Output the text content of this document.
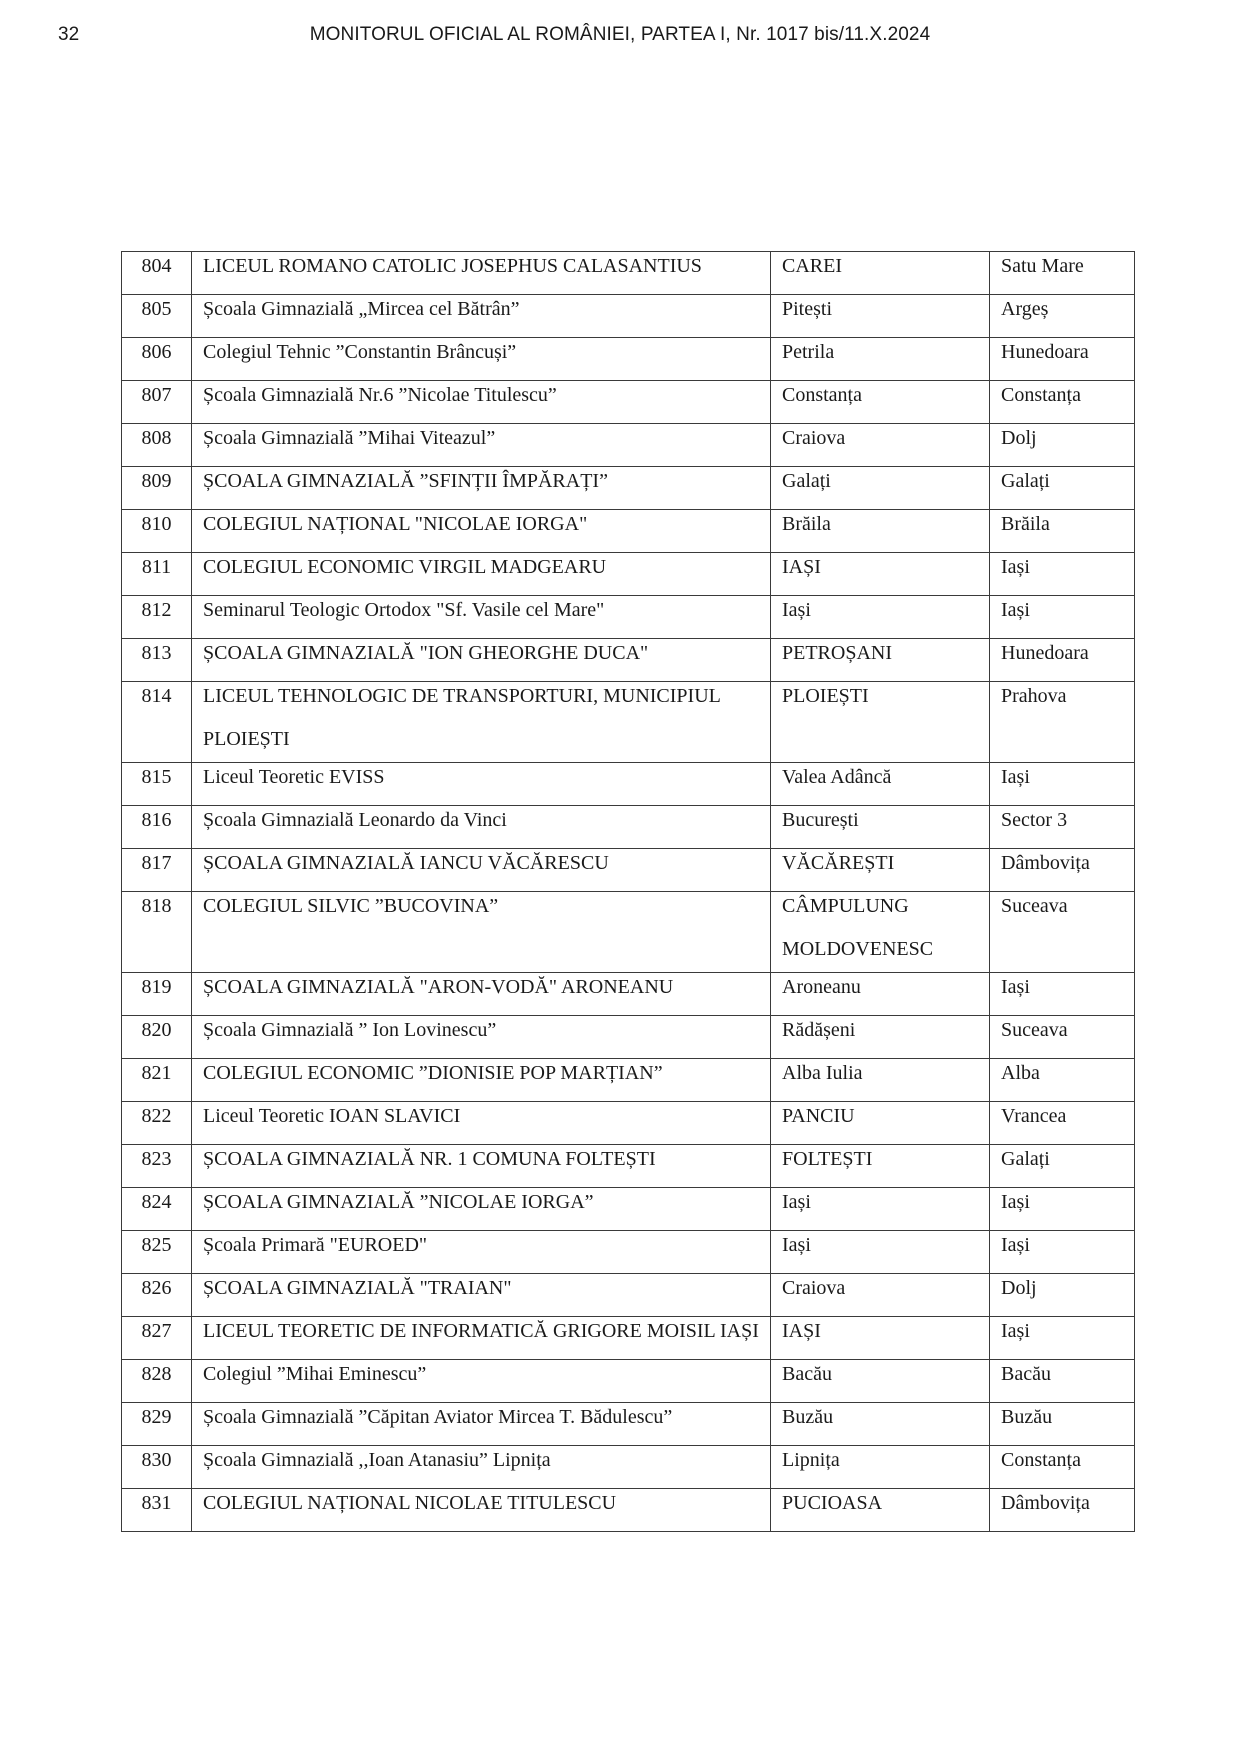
32	MONITORUL OFICIAL AL ROMÂNIEI, PARTEA I, Nr. 1017 bis/11.X.2024
804	LICEUL ROMANO CATOLIC JOSEPHUS CALASANTIUS	CAREI	Satu Mare

805	Școala Gimnazială „Mircea cel Bătrân”	Pitești	Argeș

806	Colegiul Tehnic ”Constantin Brâncuși”	Petrila	Hunedoara

807	Școala Gimnazială Nr.6 ”Nicolae Titulescu”	Constanța	Constanța

808	Școala Gimnazială ”Mihai Viteazul”	Craiova	Dolj

809	ȘCOALA GIMNAZIALĂ ”SFINȚII ÎMPĂRAȚI”	Galați	Galați

810	COLEGIUL NAȚIONAL "NICOLAE IORGA"	Brăila	Brăila

811	COLEGIUL ECONOMIC VIRGIL MADGEARU	IAȘI	Iași

812	Seminarul Teologic Ortodox "Sf. Vasile cel Mare"	Iași	Iași

813	ȘCOALA GIMNAZIALĂ "ION GHEORGHE DUCA"	PETROȘANI	Hunedoara

814	LICEUL TEHNOLOGIC DE TRANSPORTURI, MUNICIPIUL PLOIEȘTI	PLOIEȘTI	Prahova

815	Liceul Teoretic EVISS	Valea Adâncă	Iași

816	Școala Gimnazială Leonardo da Vinci	București	Sector 3

817	ȘCOALA GIMNAZIALĂ IANCU VĂCĂRESCU	VĂCĂREȘTI	Dâmbovița

818	COLEGIUL SILVIC ”BUCOVINA”	CÂMPULUNG MOLDOVENESC	Suceava

819	ȘCOALA GIMNAZIALĂ "ARON-VODĂ" ARONEANU	Aroneanu	Iași

820	Școala Gimnazială ” Ion Lovinescu”	Rădășeni	Suceava

821	COLEGIUL ECONOMIC ”DIONISIE POP MARȚIAN”	Alba Iulia	Alba

822	Liceul Teoretic IOAN SLAVICI	PANCIU	Vrancea

823	ȘCOALA GIMNAZIALĂ NR. 1 COMUNA FOLTEȘTI	FOLTEȘTI	Galați

824	ȘCOALA GIMNAZIALĂ ”NICOLAE IORGA”	Iași	Iași

825	Școala Primară "EUROED"	Iași	Iași

826	ȘCOALA GIMNAZIALĂ "TRAIAN"	Craiova	Dolj

827	LICEUL TEORETIC DE INFORMATICĂ GRIGORE MOISIL IAȘI	IAȘI	Iași

828	Colegiul ”Mihai Eminescu”	Bacău	Bacău

829	Școala Gimnazială ”Căpitan Aviator Mircea T. Bădulescu”	Buzău	Buzău

830	Școala Gimnazială ,,Ioan Atanasiu” Lipnița	Lipnița	Constanța

831	COLEGIUL NAȚIONAL NICOLAE TITULESCU	PUCIOASA	Dâmbovița
